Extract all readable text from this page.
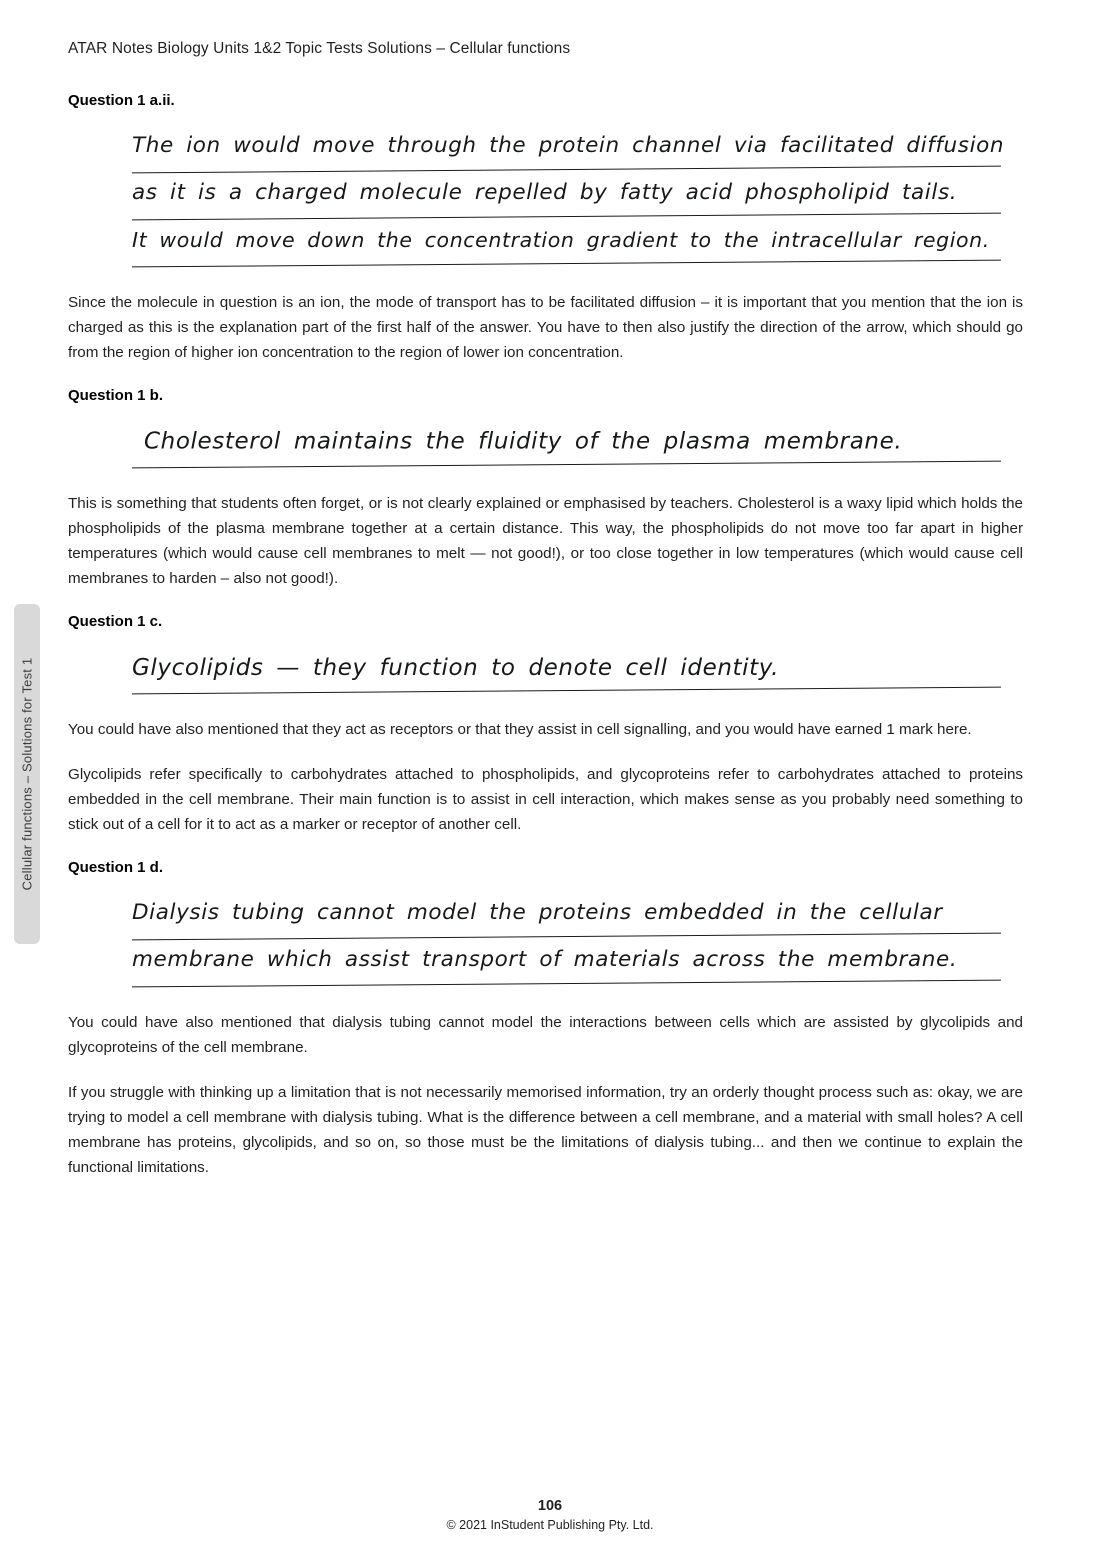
ATAR Notes Biology Units 1&2 Topic Tests Solutions – Cellular functions
Cellular functions – Solutions for Test 1
Question 1 a.ii.
The ion would move through the protein channel via facilitated diffusion
as it is a charged molecule repelled by fatty acid phospholipid tails.
It would move down the concentration gradient to the intracellular region.

Since the molecule in question is an ion, the mode of transport has to be facilitated diffusion – it is important that you mention that the ion is charged as this is the explanation part of the first half of the answer. You have to then also justify the direction of the arrow, which should go from the region of higher ion concentration to the region of lower ion concentration.

Question 1 b.
Cholesterol maintains the fluidity of the plasma membrane.

This is something that students often forget, or is not clearly explained or emphasised by teachers. Cholesterol is a waxy lipid which holds the phospholipids of the plasma membrane together at a certain distance. This way, the phospholipids do not move too far apart in higher temperatures (which would cause cell membranes to melt — not good!), or too close together in low temperatures (which would cause cell membranes to harden – also not good!).

Question 1 c.
Glycolipids — they function to denote cell identity.

You could have also mentioned that they act as receptors or that they assist in cell signalling, and you would have earned 1 mark here.

Glycolipids refer specifically to carbohydrates attached to phospholipids, and glycoproteins refer to carbohydrates attached to proteins embedded in the cell membrane. Their main function is to assist in cell interaction, which makes sense as you probably need something to stick out of a cell for it to act as a marker or receptor of another cell.

Question 1 d.
Dialysis tubing cannot model the proteins embedded in the cellular
membrane which assist transport of materials across the membrane.

You could have also mentioned that dialysis tubing cannot model the interactions between cells which are assisted by glycolipids and glycoproteins of the cell membrane.

If you struggle with thinking up a limitation that is not necessarily memorised information, try an orderly thought process such as: okay, we are trying to model a cell membrane with dialysis tubing. What is the difference between a cell membrane, and a material with small holes? A cell membrane has proteins, glycolipids, and so on, so those must be the limitations of dialysis tubing... and then we continue to explain the functional limitations.

106
© 2021 InStudent Publishing Pty. Ltd.
